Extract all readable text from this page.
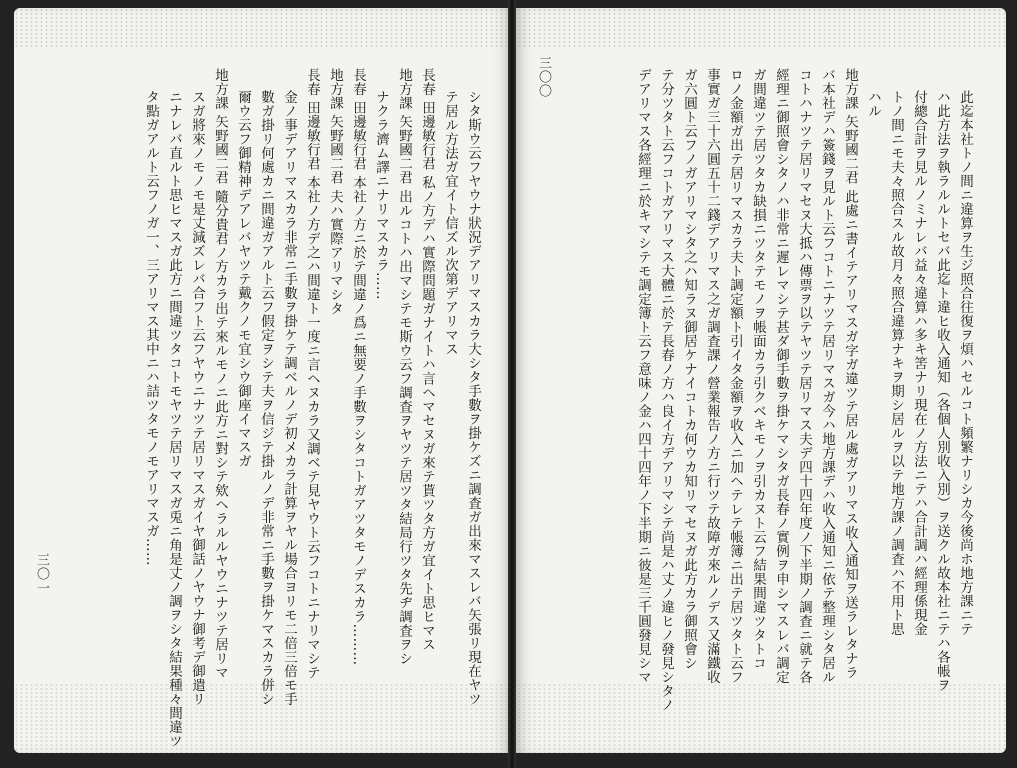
三〇〇
此迄本社トノ間ニ違算ヲ生ジ照合往復ヲ煩ハセルコト頻繁ナリシカ今後尚ホ地方課ニテ
ハ此方法ヲ執ラルルトセバ此迄ト違ヒ收入通知（各個人別收入別）ヲ送クル故本社ニテハ各帳ヲ
付總合計ヲ見ルノミナレバ益々違算ハ多キ筈ナリ現在ノ方法ニテハ合計調ハ經理係現金
トノ間ニモ夫々照合スル故月々照合違算ナキヲ期シ居ルヲ以テ地方課ノ調査ハ不用ト思
ハル
地方課 矢野國二君 此處ニ書イテアリマスガ字ガ違ツテ居ル處ガアリマス收入通知ヲ送ラレタナラ
バ本社デハ簽錢ヲ見ルト云フコトニナツテ居リマスガ今ハ地方課デハ收入通知ニ依テ整理シタ居ル
コトハナツテ居リマセヌ大抵ハ傳票ヲ以テヤツテ居リマス夫デ四十四年度ノ下半期ノ調査ニ就テ各
經理ニ御照會シタノハ非常ニ遲レマシテ甚ダ御手數ヲ掛ケマシタガ長春ノ實例ヲ申シマスレバ調定
ガ間違ツテ居ツタカ缺損ニツタテモノヲ帳面カラ引クベキモノヲ引カヌト云フ結果間違ツタトコ
ロノ金額ガ出テ居リマスカラ夫ト調定額ト引イタ金額ヲ收入ニ加ヘテレテ帳簿ニ出テ居ツタト云フ
事實ガ三十六圓五十二錢デアリマス之ガ調査課ノ營業報告ノ方ニ行ツテ故障ガ來ルノデス又滿鐵收
ガ六圓ト云フノガアリマシタ之ハ知ラヌ御居ケナイコトカ何ウカ知リマセヌガ此方カラ御照會シ
テ分ツタト云フコトガアリマス大體ニ於テ長春ノ方ハ良イ方デアリマシテ尚是ハ丈ノ違ヒノ發見シタノ
デアリマス各經理ニ於キマシテモ調定簿ト云フ意味ノ金ハ四十四年ノ下半期ニ彼是三千圓發見シマ
三〇一	シタ斯ウ云フヤウナ狀況デアリマスカラ大シタ手數ヲ掛ケズニ調査ガ出來マスレバ矢張リ現在ヤツ
テ居ル方法ガ宜イト信ズル次第デアリマス
長春 田邊敏行君 私ノ方デハ實際問題ガナイトハ言ヘマセヌガ來テ貰ツタ方ガ宜イト思ヒマス
地方課 矢野國二君 出ルコトハ出マシテモ斯ウ云フ調査ヲヤツテ居ツタ結局行ツタ先ヂ調査ヲシ
ナクラ濟ム譯ニナリマスカラ……
長春 田邊敏行君 本社ノ方ニ於テ間違ノ爲ニ無要ノ手數ヲシタコトガアツタモノデスカラ………
地方課 矢野國二君 夫ハ實際アリマシタ
長春 田邊敏行君 本社ノ方デ之ハ間違ト一度ニ言ヘヌカラ又調ベテ見ヤウト云フコトニナリマシテ
金ノ事デアリマスカラ非常ニ手數ヲ掛ケテ調ベルノデ初メカラ計算ヲヤル場合ヨリモ二倍三倍モ手
數ガ掛リ何處カニ間違ガアルト云フ假定ヲシテ夫ヲ信ジテ掛ルノデ非常ニ手數ヲ掛ケマスカラ併シ
爾ウ云フ御精神デアレバヤツテ戴クノモ宜シウ御座イマスガ
地方課 矢野國二君 隨分貴君ノ方カラ出テ來ルモノニ此方ニ對シテ欸ヘラルルヤウニナツテ居リマ
スガ將來ノモノモ是丈減ズレバ合フト云フヤウニナツテ居リマスガイヤ御話ノヤウナ御考デ御遣リ
ニナレバ直ルト思ヒマスガ此方ニ間違ツタコトモヤツテ居リマスガ兎ニ角是丈ノ調ヲシタ結果種々間違ツ
タ點ガアルト云フノガ一、三アリマス其中ニハ詰ツタモノモアリマスガ……
